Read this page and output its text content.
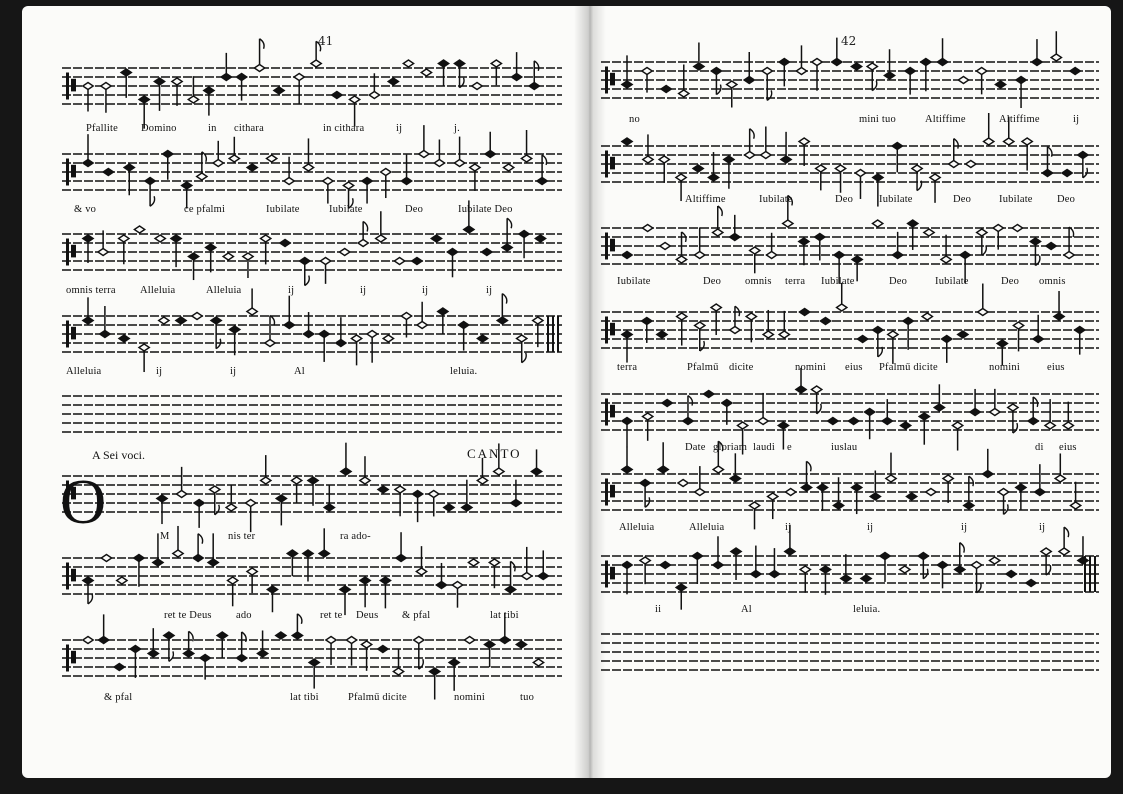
41
Pfallite Domino	in cithara	in cithara	ij	j.
& vo	ce pfalmi	Iubilate	Iubilate	Deo	Iubilate Deo
omnis terra Alleluia	Alleluia	ij	ij	ij	ij
Alleluia	ij	ij	Al	leluia.
A Sei voci.	CANTO
O	M	nis ter	ra ado-
ret te Deus ado	ret te Deus & pfal	lat tibi
& pfal	lat tibi	Pfalmű dicite	nomini	tuo
42
no	mini tuo	Altiffime	Altiffime	ij
Altiffime	Iubilate	Deo Iubilate	Deo	Iubilate Deo
Iubilate	Deo omnis terra Iubilate	Deo	Iubilate	Deo omnis
terra	Pfalmű dicite	nomini eius Pfalmű dicite	nomini	eius
Date gloriam laudi e	iuslau	di eius
Alleluia	Alleluia	ij	ij	ij	ij
ii	Al	leluia.
